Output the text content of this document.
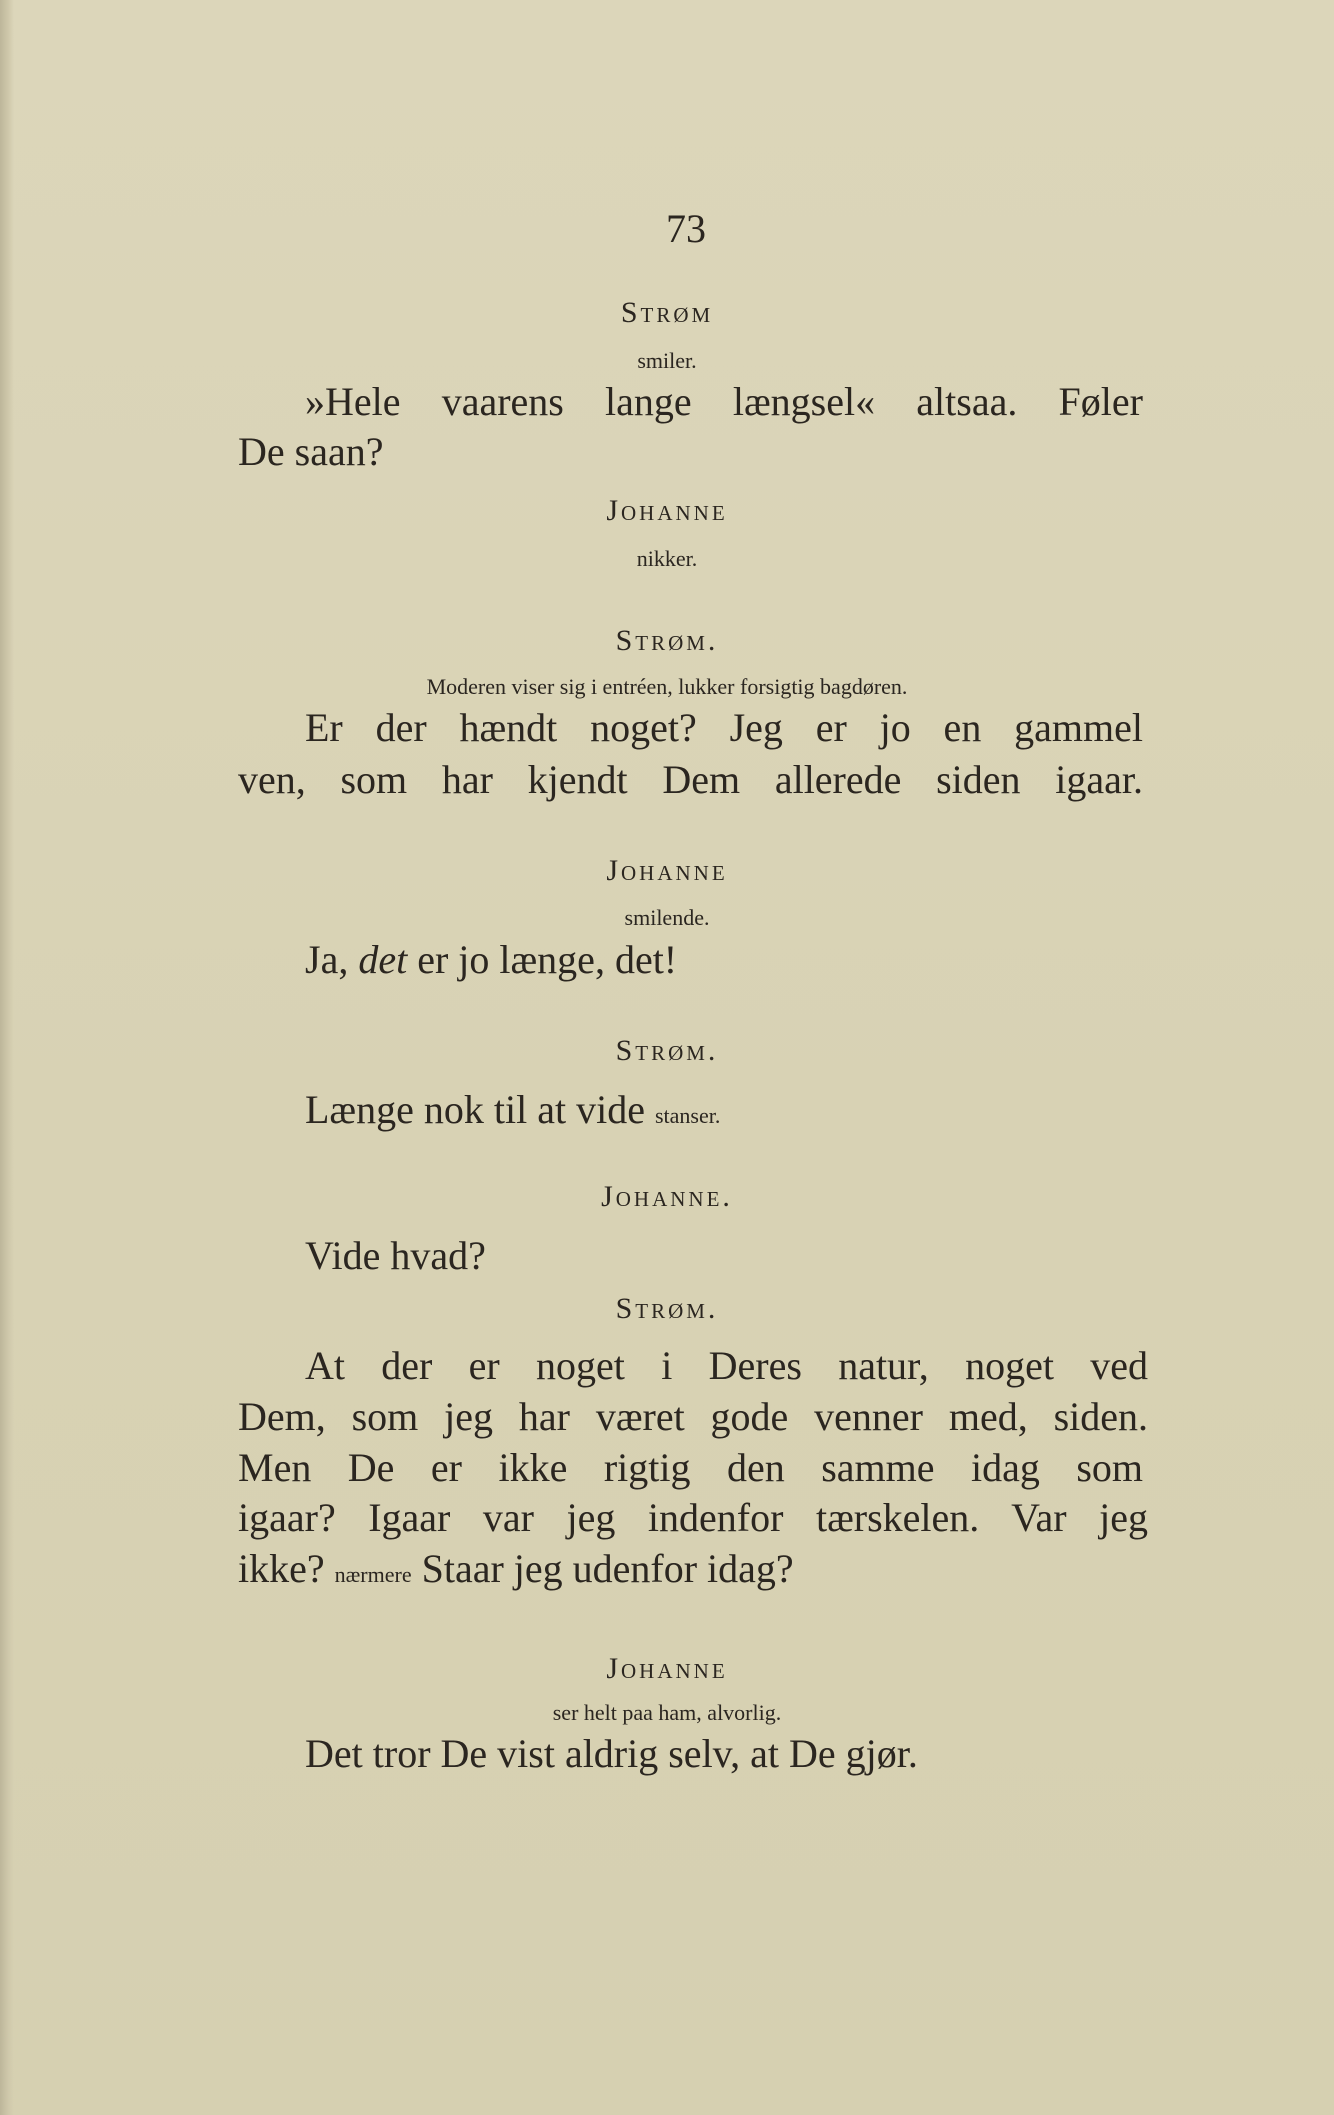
73
Strøm
smiler.
»Hele vaarens lange længsel« altsaa. Føler
De saan?
Johanne
nikker.
Strøm.
Moderen viser sig i entréen, lukker forsigtig bagdøren.
Er der hændt noget? Jeg er jo en gammel
ven, som har kjendt Dem allerede siden igaar.
Johanne
smilende.
Ja, det er jo længe, det!
Strøm.
Længe nok til at vide stanser.
Johanne.
Vide hvad?
Strøm.
At der er noget i Deres natur, noget ved
Dem, som jeg har været gode venner med, siden.
Men De er ikke rigtig den samme idag som
igaar? Igaar var jeg indenfor tærskelen. Var jeg
ikke? nærmere Staar jeg udenfor idag?
Johanne
ser helt paa ham, alvorlig.
Det tror De vist aldrig selv, at De gjør.
